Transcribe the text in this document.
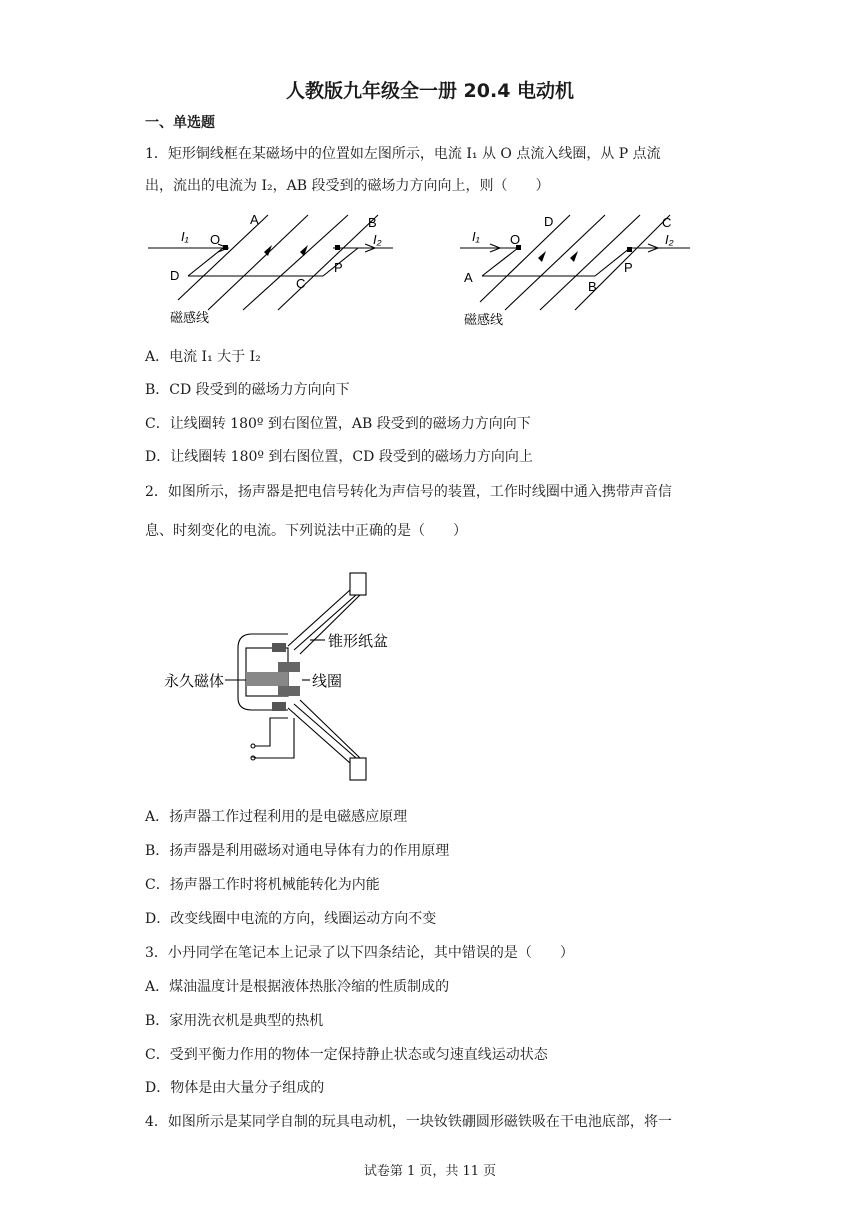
人教版九年级全一册 20.4 电动机
一、单选题
1．矩形铜线框在某磁场中的位置如左图所示，电流 I₁ 从 O 点流入线圈，从 P 点流
出，流出的电流为 I₂，AB 段受到的磁场力方向向上，则（　　）
I₁ O
A	B
I₂
D
C
P
磁感线
I₁ O
D	C
I₂
A
B
P
磁感线
A．电流 I₁ 大于 I₂
B．CD 段受到的磁场力方向向下
C．让线圈转 180º 到右图位置，AB 段受到的磁场力方向向下
D．让线圈转 180º 到右图位置，CD 段受到的磁场力方向向上
2．如图所示，扬声器是把电信号转化为声信号的装置，工作时线圈中通入携带声音信
息、时刻变化的电流。下列说法中正确的是（　　）
~
锥形纸盆
永久磁体	线圈
A．扬声器工作过程利用的是电磁感应原理
B．扬声器是利用磁场对通电导体有力的作用原理
C．扬声器工作时将机械能转化为内能
D．改变线圈中电流的方向，线圈运动方向不变
3．小丹同学在笔记本上记录了以下四条结论，其中错误的是（　　）
A．煤油温度计是根据液体热胀冷缩的性质制成的
B．家用洗衣机是典型的热机
C．受到平衡力作用的物体一定保持静止状态或匀速直线运动状态
D．物体是由大量分子组成的
4．如图所示是某同学自制的玩具电动机，一块钕铁硼圆形磁铁吸在干电池底部，将一
试卷第 1 页，共 11 页
